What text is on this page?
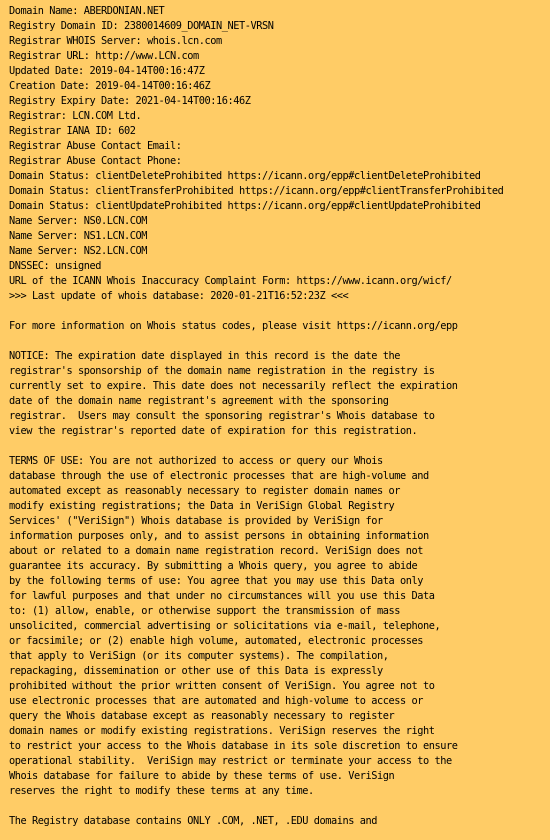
Domain Name: ABERDONIAN.NET
Registry Domain ID: 2380014609_DOMAIN_NET-VRSN
Registrar WHOIS Server: whois.lcn.com
Registrar URL: http://www.LCN.com
Updated Date: 2019-04-14T00:16:47Z
Creation Date: 2019-04-14T00:16:46Z
Registry Expiry Date: 2021-04-14T00:16:46Z
Registrar: LCN.COM Ltd.
Registrar IANA ID: 602
Registrar Abuse Contact Email:
Registrar Abuse Contact Phone:
Domain Status: clientDeleteProhibited https://icann.org/epp#clientDeleteProhibited
Domain Status: clientTransferProhibited https://icann.org/epp#clientTransferProhibited
Domain Status: clientUpdateProhibited https://icann.org/epp#clientUpdateProhibited
Name Server: NS0.LCN.COM
Name Server: NS1.LCN.COM
Name Server: NS2.LCN.COM
DNSSEC: unsigned
URL of the ICANN Whois Inaccuracy Complaint Form: https://www.icann.org/wicf/
>>> Last update of whois database: 2020-01-21T16:52:23Z <<<
For more information on Whois status codes, please visit https://icann.org/epp
NOTICE: The expiration date displayed in this record is the date the
registrar's sponsorship of the domain name registration in the registry is
currently set to expire. This date does not necessarily reflect the expiration
date of the domain name registrant's agreement with the sponsoring
registrar.  Users may consult the sponsoring registrar's Whois database to
view the registrar's reported date of expiration for this registration.
TERMS OF USE: You are not authorized to access or query our Whois
database through the use of electronic processes that are high-volume and
automated except as reasonably necessary to register domain names or
modify existing registrations; the Data in VeriSign Global Registry
Services' ("VeriSign") Whois database is provided by VeriSign for
information purposes only, and to assist persons in obtaining information
about or related to a domain name registration record. VeriSign does not
guarantee its accuracy. By submitting a Whois query, you agree to abide
by the following terms of use: You agree that you may use this Data only
for lawful purposes and that under no circumstances will you use this Data
to: (1) allow, enable, or otherwise support the transmission of mass
unsolicited, commercial advertising or solicitations via e-mail, telephone,
or facsimile; or (2) enable high volume, automated, electronic processes
that apply to VeriSign (or its computer systems). The compilation,
repackaging, dissemination or other use of this Data is expressly
prohibited without the prior written consent of VeriSign. You agree not to
use electronic processes that are automated and high-volume to access or
query the Whois database except as reasonably necessary to register
domain names or modify existing registrations. VeriSign reserves the right
to restrict your access to the Whois database in its sole discretion to ensure
operational stability.  VeriSign may restrict or terminate your access to the
Whois database for failure to abide by these terms of use. VeriSign
reserves the right to modify these terms at any time.
The Registry database contains ONLY .COM, .NET, .EDU domains and
